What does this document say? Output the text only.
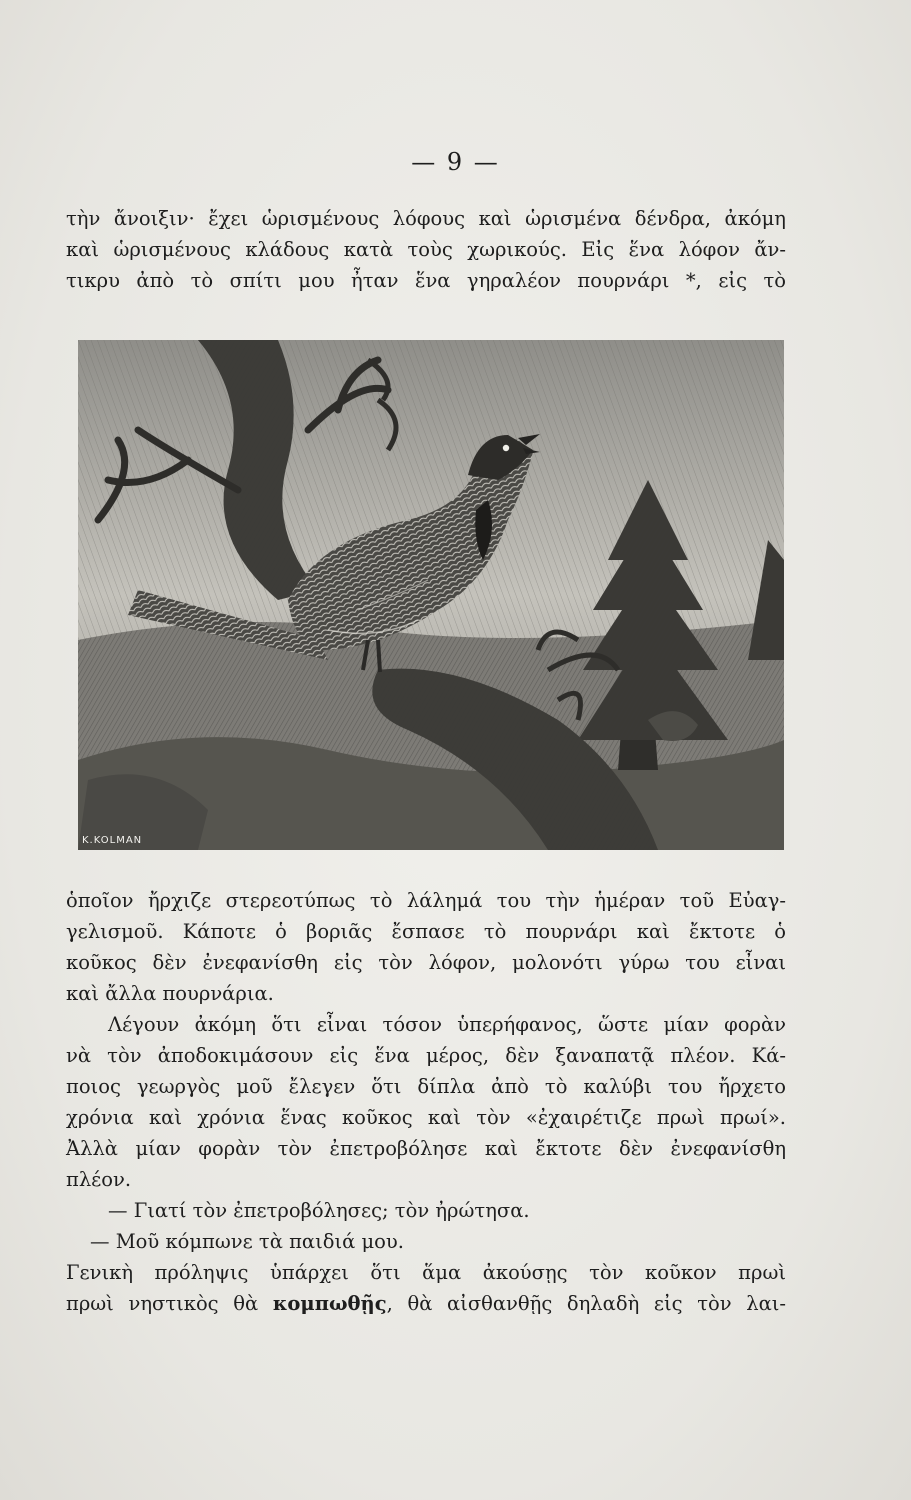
— 9 —
τὴν ἄνοιξιν· ἔχει ὡρισμένους λόφους καὶ ὡρισμένα δένδρα, ἀκόμη
καὶ ὡρισμένους κλάδους κατὰ τοὺς χωρικούς. Εἰς ἕνα λόφον ἄν-
τικρυ ἀπὸ τὸ σπίτι μου ἦταν ἕνα γηραλέον πουρνάρι *, εἰς τὸ
K.KOLMAN
ὁποῖον ἤρχιζε στερεοτύπως τὸ λάλημά του τὴν ἡμέραν τοῦ Εὐαγ-
γελισμοῦ. Κάποτε ὁ βοριᾶς ἔσπασε τὸ πουρνάρι καὶ ἔκτοτε ὁ
κοῦκος δὲν ἐνεφανίσθη εἰς τὸν λόφον, μολονότι γύρω του εἶναι
καὶ ἄλλα πουρνάρια.
Λέγουν ἀκόμη ὅτι εἶναι τόσον ὑπερήφανος, ὥστε μίαν φορὰν
νὰ τὸν ἀποδοκιμάσουν εἰς ἕνα μέρος, δὲν ξαναπατᾷ πλέον. Κά-
ποιος γεωργὸς μοῦ ἔλεγεν ὅτι δίπλα ἀπὸ τὸ καλύβι του ἤρχετο
χρόνια καὶ χρόνια ἕνας κοῦκος καὶ τὸν «ἐχαιρέτιζε πρωὶ πρωί».
Ἀλλὰ μίαν φορὰν τὸν ἐπετροβόλησε καὶ ἔκτοτε δὲν ἐνεφανίσθη
πλέον.
— Γιατί τὸν ἐπετροβόλησες; τὸν ἠρώτησα.
— Μοῦ κόμπωνε τὰ παιδιά μου.
Γενικὴ πρόληψις ὑπάρχει ὅτι ἅμα ἀκούσῃς τὸν κοῦκον πρωὶ
πρωὶ νηστικὸς θὰ κομπωθῇς, θὰ αἰσθανθῇς δηλαδὴ εἰς τὸν λαι-
